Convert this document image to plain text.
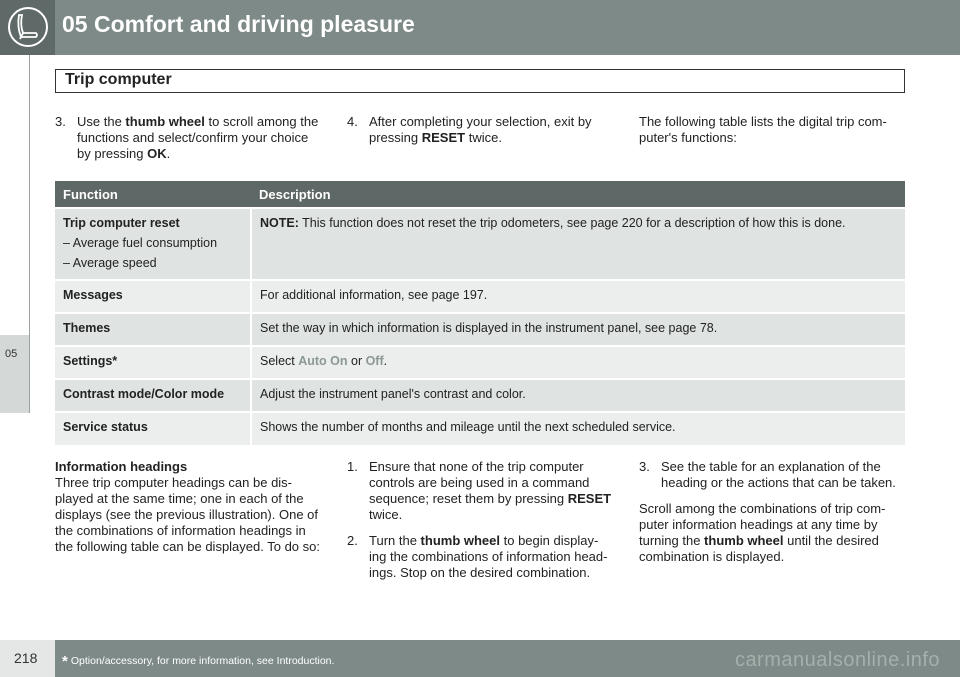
05 Comfort and driving pleasure
05
Trip computer
3. Use the thumb wheel to scroll among the functions and select/confirm your choice by pressing OK.
4. After completing your selection, exit by pressing RESET twice.
The following table lists the digital trip com-puter's functions:
Function	Description
Trip computer reset
– Average fuel consumption
– Average speed	NOTE: This function does not reset the trip odometers, see page 220 for a description of how this is done.
Messages	For additional information, see page 197.
Themes	Set the way in which information is displayed in the instrument panel, see page 78.
Settings*	Select Auto On or Off.
Contrast mode/Color mode	Adjust the instrument panel's contrast and color.
Service status	Shows the number of months and mileage until the next scheduled service.
Information headings
Three trip computer headings can be dis-played at the same time; one in each of the displays (see the previous illustration). One of the combinations of information headings in the following table can be displayed. To do so:
1. Ensure that none of the trip computer controls are being used in a command sequence; reset them by pressing RESET twice.
2. Turn the thumb wheel to begin display-ing the combinations of information head-ings. Stop on the desired combination.
3. See the table for an explanation of the heading or the actions that can be taken.
Scroll among the combinations of trip com-puter information headings at any time by turning the thumb wheel until the desired combination is displayed.
218 * Option/accessory, for more information, see Introduction.	carmanualsonline.info
